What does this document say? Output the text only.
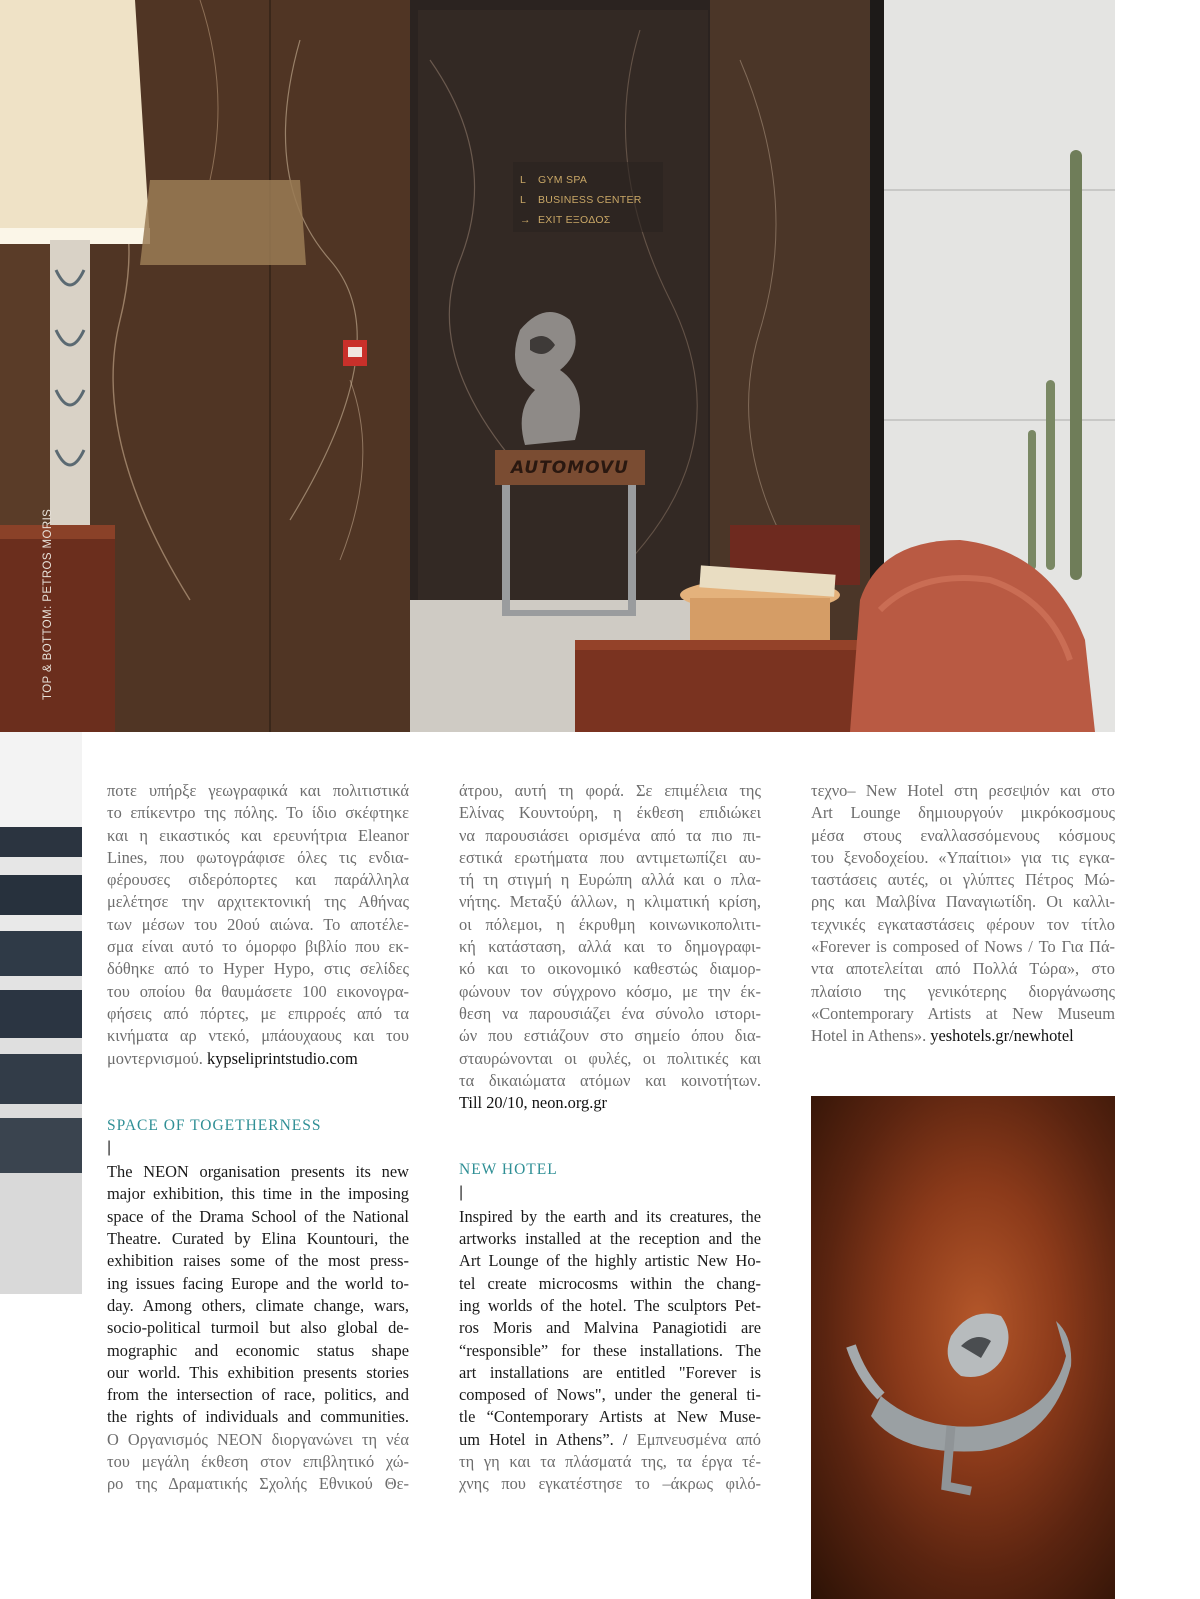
L GYM SPA
L BUSINESS CENTER
→ EXIT ΕΞΟΔΟΣ
AUTOMOVU
TOP & BOTTOM: PETROS MORIS
ποτε υπήρξε γεωγραφικά και πολιτιστικά
το επίκεντρο της πόλης. Το ίδιο σκέφτηκε
και η εικαστικός και ερευνήτρια Eleanor
Lines, που φωτογράφισε όλες τις ενδια-
φέρουσες σιδερόπορτες και παράλληλα
μελέτησε την αρχιτεκτονική της Αθήνας
των μέσων του 20ού αιώνα. Το αποτέλε-
σμα είναι αυτό το όμορφο βιβλίο που εκ-
δόθηκε από το Hyper Hypo, στις σελίδες
του οποίου θα θαυμάσετε 100 εικονογρα-
φήσεις από πόρτες, με επιρροές από τα
κινήματα αρ ντεκό, μπάουχαους και του
μοντερνισμού. kypseliprintstudio.com
SPACE OF TOGETHERNESS
|
The NEON organisation presents its new
major exhibition, this time in the imposing
space of the Drama School of the National
Theatre. Curated by Elina Kountouri, the
exhibition raises some of the most press-
ing issues facing Europe and the world to-
day. Among others, climate change, wars,
socio-political turmoil but also global de-
mographic and economic status shape
our world. This exhibition presents stories
from the intersection of race, politics, and
the rights of individuals and communities.
Ο Οργανισμός NEON διοργανώνει τη νέα
του μεγάλη έκθεση στον επιβλητικό χώ-
ρο της Δραματικής Σχολής Εθνικού Θε-
άτρου, αυτή τη φορά. Σε επιμέλεια της
Ελίνας Κουντούρη, η έκθεση επιδιώκει
να παρουσιάσει ορισμένα από τα πιο πι-
εστικά ερωτήματα που αντιμετωπίζει αυ-
τή τη στιγμή η Ευρώπη αλλά και ο πλα-
νήτης. Μεταξύ άλλων, η κλιματική κρίση,
οι πόλεμοι, η έκρυθμη κοινωνικοπολιτι-
κή κατάσταση, αλλά και το δημογραφι-
κό και το οικονομικό καθεστώς διαμορ-
φώνουν τον σύγχρονο κόσμο, με την έκ-
θεση να παρουσιάζει ένα σύνολο ιστορι-
ών που εστιάζουν στο σημείο όπου δια-
σταυρώνονται οι φυλές, οι πολιτικές και
τα δικαιώματα ατόμων και κοινοτήτων.
Till 20/10, neon.org.gr
NEW HOTEL
|
Inspired by the earth and its creatures, the
artworks installed at the reception and the
Art Lounge of the highly artistic New Ho-
tel create microcosms within the chang-
ing worlds of the hotel. The sculptors Pet-
ros Moris and Malvina Panagiotidi are
“responsible” for these installations. The
art installations are entitled "Forever is
composed of Nows", under the general ti-
tle “Contemporary Artists at New Muse-
um Hotel in Athens”. / Εμπνευσμένα από
τη γη και τα πλάσματά της, τα έργα τέ-
χνης που εγκατέστησε το –άκρως φιλό-
τεχνο– New Hotel στη ρεσεψιόν και στο
Art Lounge δημιουργούν μικρόκοσμους
μέσα στους εναλλασσόμενους κόσμους
του ξενοδοχείου. «Υπαίτιοι» για τις εγκα-
ταστάσεις αυτές, οι γλύπτες Πέτρος Μώ-
ρης και Μαλβίνα Παναγιωτίδη. Οι καλλι-
τεχνικές εγκαταστάσεις φέρουν τον τίτλο
«Forever is composed of Nows / Το Για Πά-
ντα αποτελείται από Πολλά Τώρα», στο
πλαίσιο της γενικότερης διοργάνωσης
«Contemporary Artists at New Museum
Hotel in Athens». yeshotels.gr/newhotel
